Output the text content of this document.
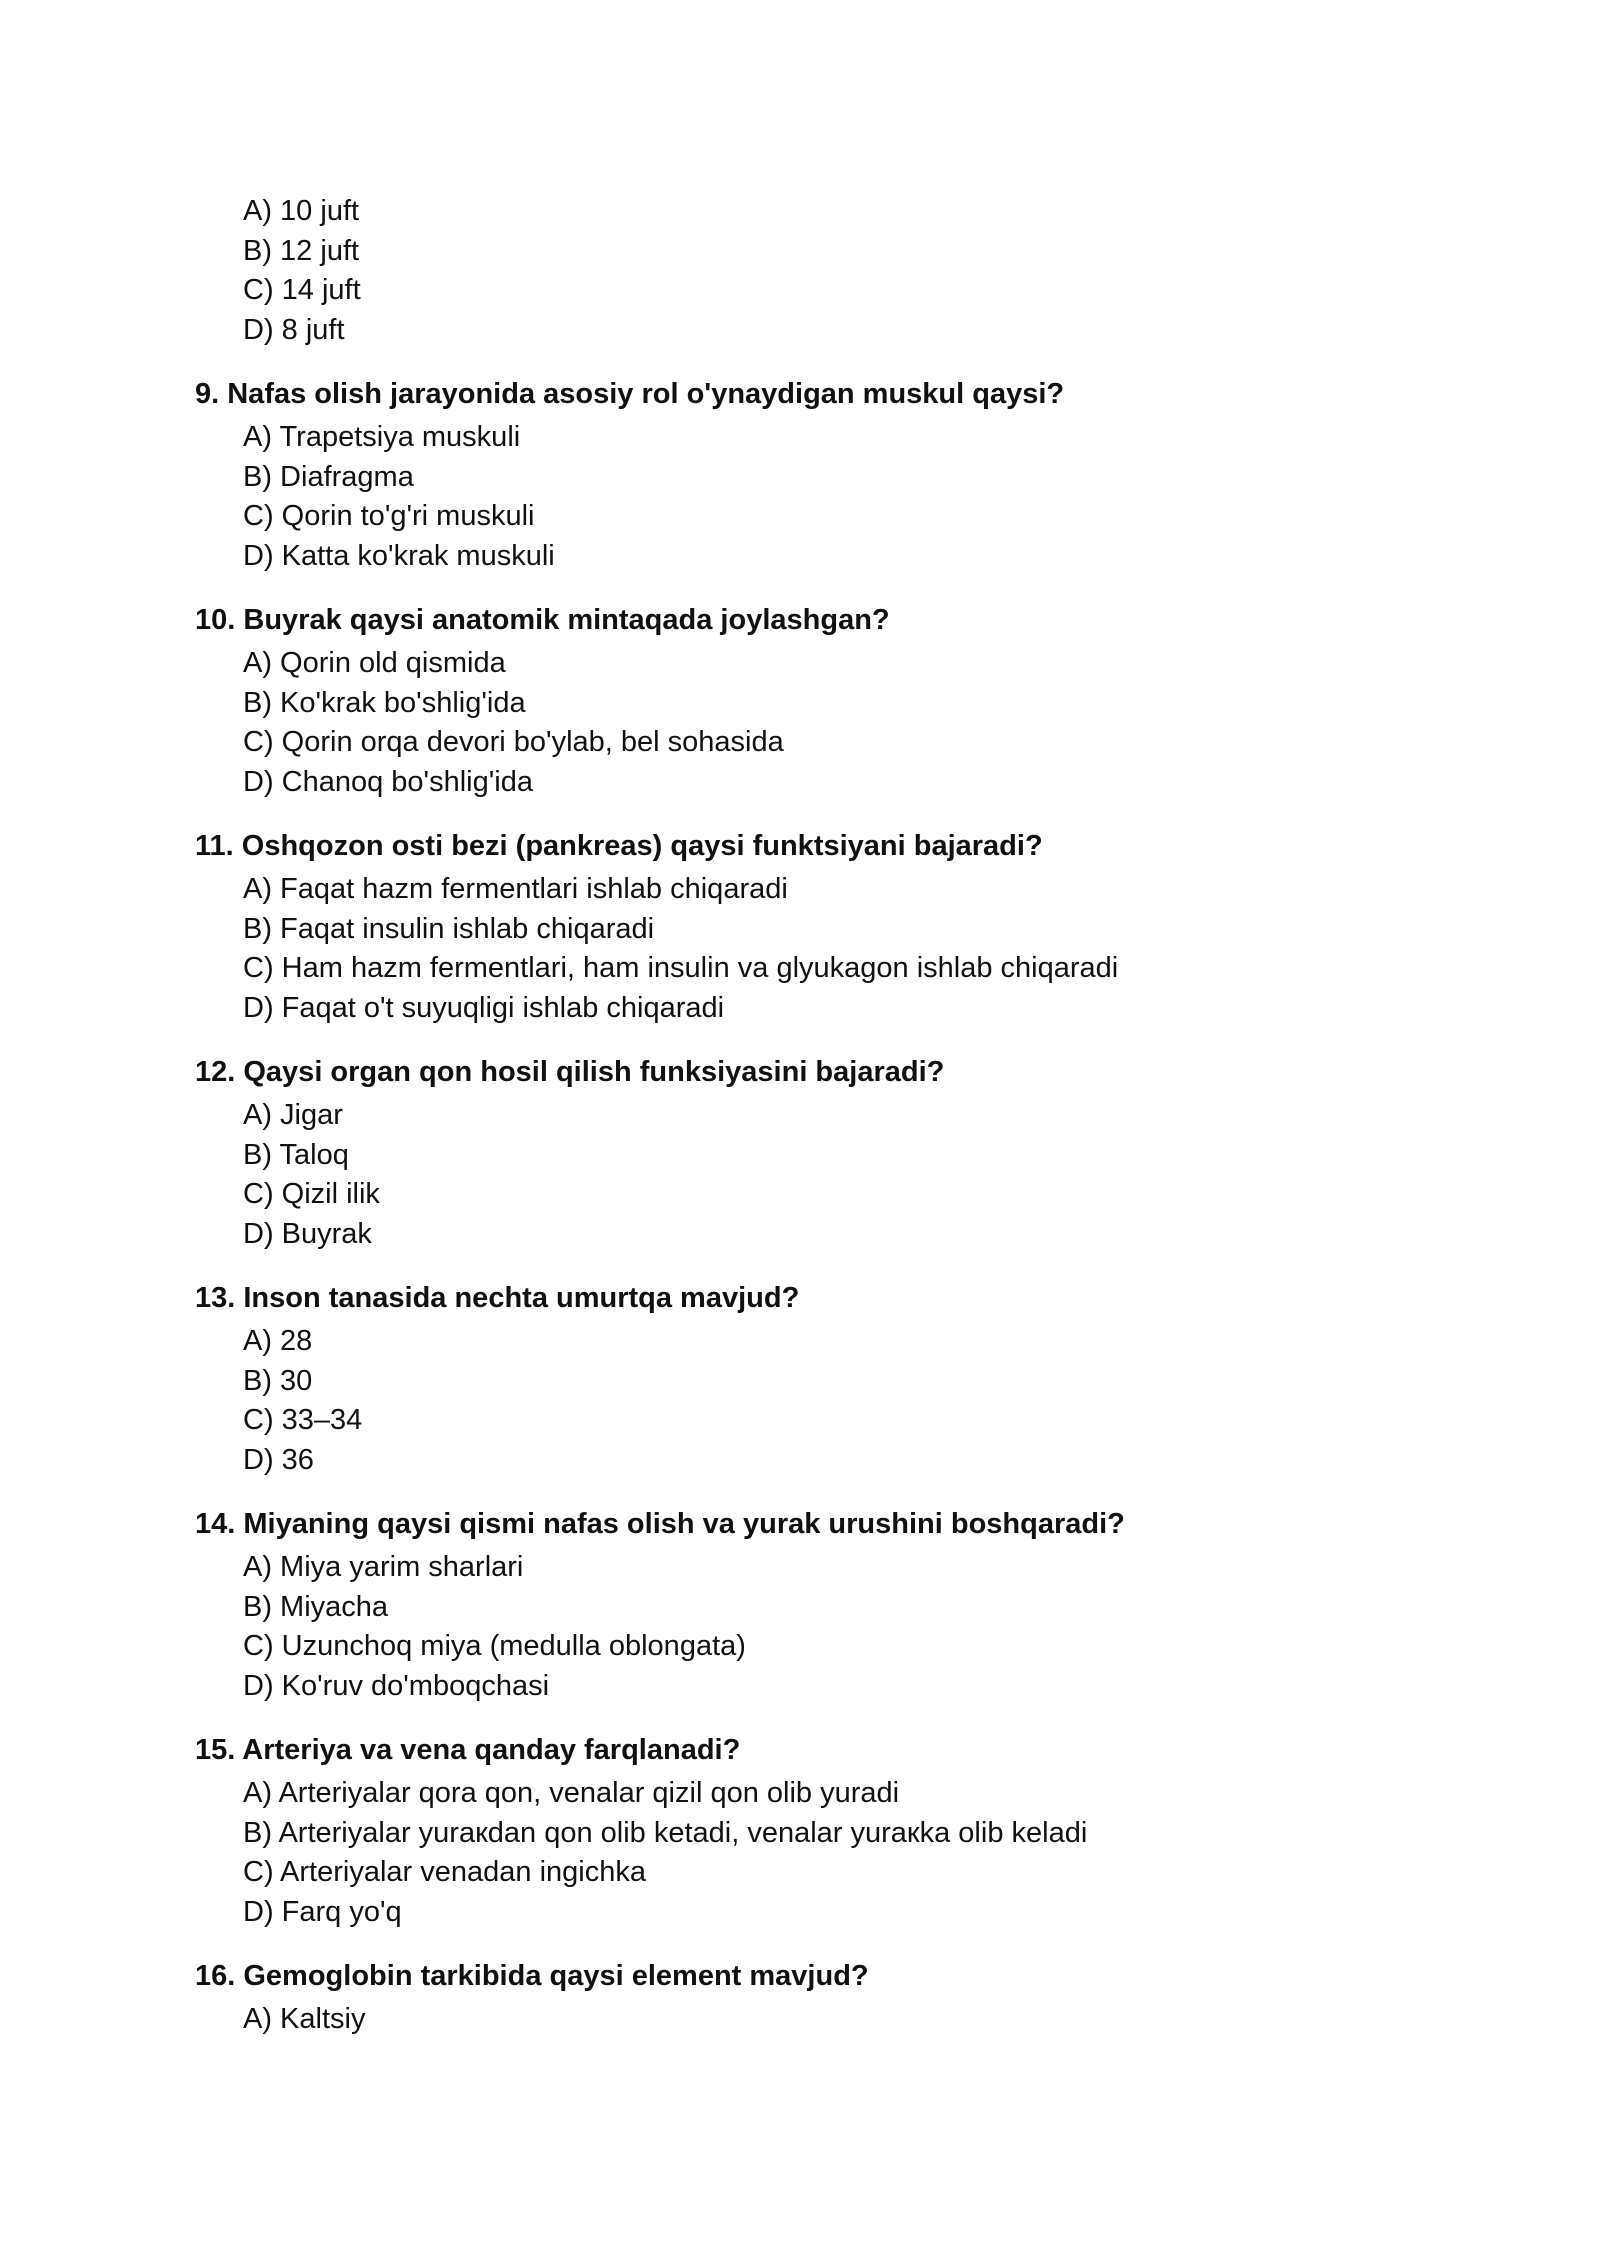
A) 10 juft
B) 12 juft
C) 14 juft
D) 8 juft
9. Nafas olish jarayonida asosiy rol o'ynaydigan muskul qaysi?
A) Trapetsiya muskuli
B) Diafragma
C) Qorin to'g'ri muskuli
D) Katta ko'krak muskuli
10. Buyrak qaysi anatomik mintaqada joylashgan?
A) Qorin old qismida
B) Ko'krak bo'shlig'ida
C) Qorin orqa devori bo'ylab, bel sohasida
D) Chanoq bo'shlig'ida
11. Oshqozon osti bezi (pankreas) qaysi funktsiyani bajaradi?
A) Faqat hazm fermentlari ishlab chiqaradi
B) Faqat insulin ishlab chiqaradi
C) Ham hazm fermentlari, ham insulin va glyukagon ishlab chiqaradi
D) Faqat o't suyuqligi ishlab chiqaradi
12. Qaysi organ qon hosil qilish funksiyasini bajaradi?
A) Jigar
B) Taloq
C) Qizil ilik
D) Buyrak
13. Inson tanasida nechta umurtqa mavjud?
A) 28
B) 30
C) 33–34
D) 36
14. Miyaning qaysi qismi nafas olish va yurak urushini boshqaradi?
A) Miya yarim sharlari
B) Miyacha
C) Uzunchoq miya (medulla oblongata)
D) Ko'ruv do'mboqchasi
15. Arteriya va vena qanday farqlanadi?
A) Arteriyalar qora qon, venalar qizil qon olib yuradi
B) Arteriyalar yuraкdan qon olib ketadi, venalar yuraкka olib keladi
C) Arteriyalar venadan ingichka
D) Farq yo'q
16. Gemoglobin tarkibida qaysi element mavjud?
A) Kaltsiy
